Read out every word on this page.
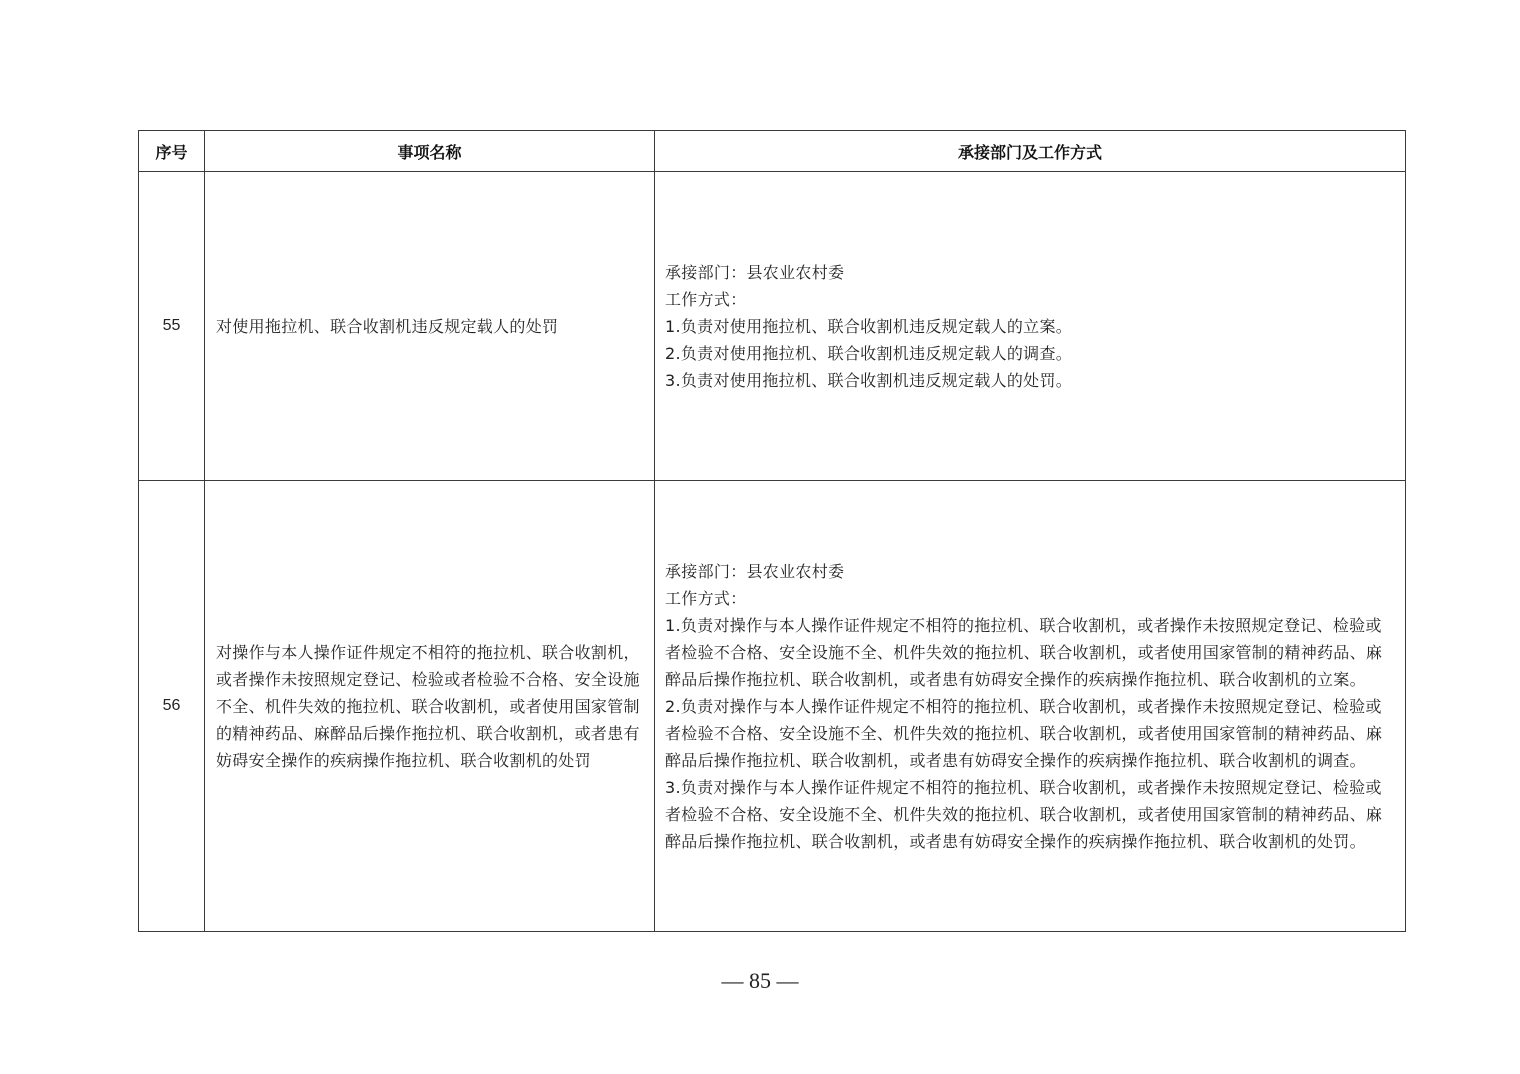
序号	事项名称	承接部门及工作方式
55	对使用拖拉机、联合收割机违反规定载人的处罚	承接部门：县农业农村委
工作方式：
1.负责对使用拖拉机、联合收割机违反规定载人的立案。
2.负责对使用拖拉机、联合收割机违反规定载人的调查。
3.负责对使用拖拉机、联合收割机违反规定载人的处罚。

56	对操作与本人操作证件规定不相符的拖拉机、联合收割机，或者操作未按照规定登记、检验或者检验不合格、安全设施不全、机件失效的拖拉机、联合收割机，或者使用国家管制的精神药品、麻醉品后操作拖拉机、联合收割机，或者患有妨碍安全操作的疾病操作拖拉机、联合收割机的处罚	承接部门：县农业农村委
工作方式：
1.负责对操作与本人操作证件规定不相符的拖拉机、联合收割机，或者操作未按照规定登记、检验或者检验不合格、安全设施不全、机件失效的拖拉机、联合收割机，或者使用国家管制的精神药品、麻醉品后操作拖拉机、联合收割机，或者患有妨碍安全操作的疾病操作拖拉机、联合收割机的立案。
2.负责对操作与本人操作证件规定不相符的拖拉机、联合收割机，或者操作未按照规定登记、检验或者检验不合格、安全设施不全、机件失效的拖拉机、联合收割机，或者使用国家管制的精神药品、麻醉品后操作拖拉机、联合收割机，或者患有妨碍安全操作的疾病操作拖拉机、联合收割机的调查。
3.负责对操作与本人操作证件规定不相符的拖拉机、联合收割机，或者操作未按照规定登记、检验或者检验不合格、安全设施不全、机件失效的拖拉机、联合收割机，或者使用国家管制的精神药品、麻醉品后操作拖拉机、联合收割机，或者患有妨碍安全操作的疾病操作拖拉机、联合收割机的处罚。
— 85 —
